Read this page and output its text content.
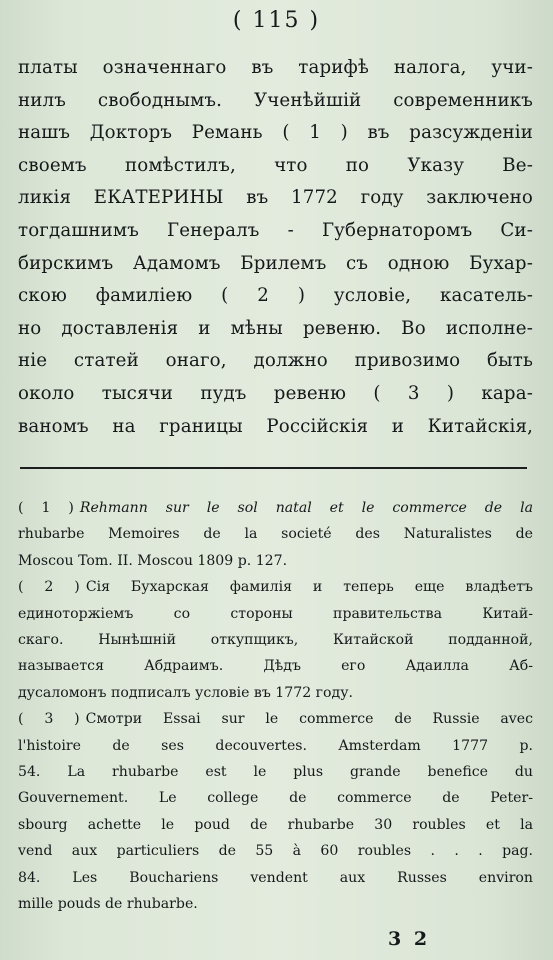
( 115 )
платы означеннаго въ тарифѣ налога, учи-
нилъ свободнымъ. Ученѣйшій современникъ
нашъ Докторъ Ремань ( 1 ) въ разсужденіи
своемъ помѣстилъ, что по Указу Ве-
ликія ЕКАТЕРИНЫ въ 1772 году заключено
тогдашнимъ Генералъ - Губернаторомъ Си-
бирскимъ Адамомъ Брилемъ съ одною Бухар-
скою фамиліею ( 2 ) условіе, касатель-
но доставленія и мѣны ревеню. Во исполне-
ніе статей онаго, должно привозимо быть
около тысячи пудъ ревеню ( 3 ) кара-
ваномъ на границы Россійскія и Китайскія,
( 1 ) Rehmann sur le sol natal et le commerce de la
rhubarbe Memoires de la societé des Naturalistes de
Moscou Tom. II. Moscou 1809 p. 127.
( 2 ) Сія Бухарская фамилія и теперь еще владѣетъ
единоторжіемъ со стороны правительства Китай-
скаго. Нынѣшній откупщикъ, Китайской подданной,
называется Абдраимъ. Дѣдъ его Адаилла Аб-
дусаломонъ подписалъ условіе въ 1772 году.
( 3 ) Смотри Essai sur le commerce de Russie avec
l'histoire de ses decouvertes. Amsterdam 1777 p.
54. La rhubarbe est le plus grande benefice du
Gouvernement. Le college de commerce de Peter-
sbourg achette le poud de rhubarbe 30 roubles et la
vend aux particuliers de 55 à 60 roubles . . . pag.
84. Les Bouchariens vendent aux Russes environ
mille pouds de rhubarbe.
3 2
